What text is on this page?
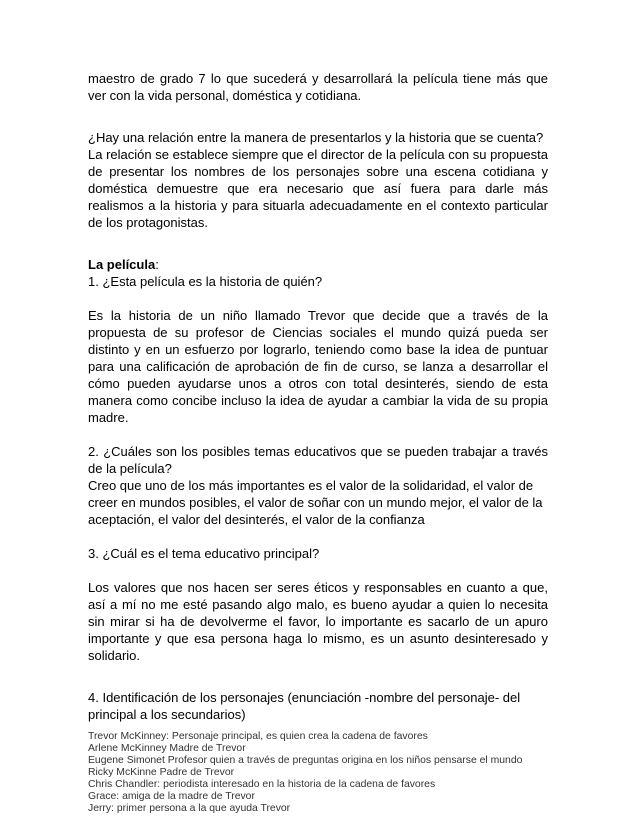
maestro de grado 7 lo que sucederá y desarrollará la película tiene más que ver con la vida personal, doméstica y cotidiana.

¿Hay una relación entre la manera de presentarlos y la historia que se cuenta?

La relación se establece siempre que el director de la película con su propuesta de presentar los nombres de los personajes sobre una escena cotidiana y doméstica demuestre que era necesario que así fuera para darle más realismos a la historia y para situarla adecuadamente en el contexto particular de los protagonistas.

La película:

1. ¿Esta película es la historia de quién?

Es la historia de un niño llamado Trevor que decide que a través de la propuesta de su profesor de Ciencias sociales el mundo quizá pueda ser distinto y en un esfuerzo por lograrlo, teniendo como base la idea de puntuar para una calificación de aprobación de fin de curso, se lanza a desarrollar el cómo pueden ayudarse unos a otros con total desinterés, siendo de esta manera como concibe incluso la idea de ayudar a cambiar la vida de su propia madre.

2. ¿Cuáles son los posibles temas educativos que se pueden trabajar a través de la película?

Creo que uno de los más importantes es el valor de la solidaridad, el valor de creer en mundos posibles, el valor de soñar con un mundo mejor, el valor de la aceptación, el valor del desinterés, el valor de la confianza

3. ¿Cuál es el tema educativo principal?

Los valores que nos hacen ser seres éticos y responsables en cuanto a que, así a mí no me esté pasando algo malo, es bueno ayudar a quien lo necesita sin mirar si ha de devolverme el favor, lo importante es sacarlo de un apuro importante y que esa persona haga lo mismo, es un asunto desinteresado y solidario.

4. Identificación de los personajes (enunciación -nombre del personaje- del principal a los secundarios)

Trevor McKinney: Personaje principal, es quien crea la cadena de favores
Arlene McKinney Madre de Trevor
Eugene Simonet Profesor quien a través de preguntas origina en los niños pensarse el mundo
Ricky McKinne Padre de Trevor
Chris Chandler: periodista interesado en la historia de la cadena de favores
Grace: amiga de la madre de Trevor
Jerry: primer persona a la que ayuda Trevor
